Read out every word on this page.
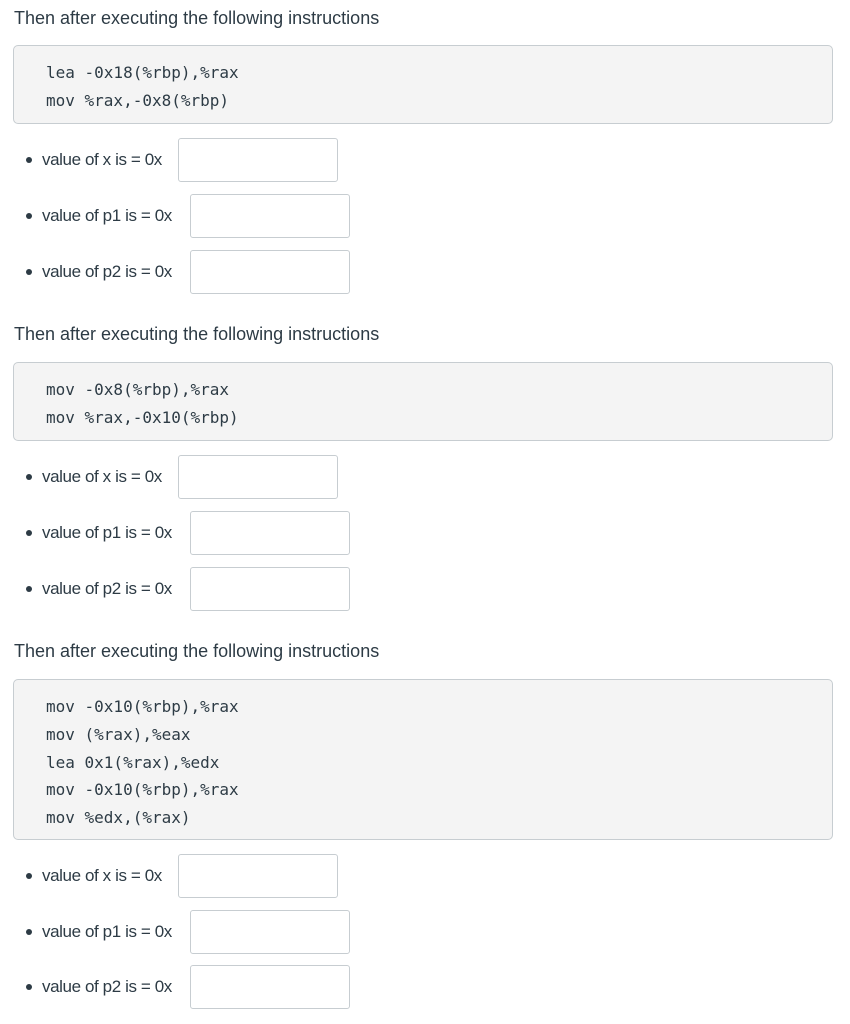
Then after executing the following instructions
lea -0x18(%rbp),%rax
mov %rax,-0x8(%rbp)
value of x is = 0x
value of p1 is = 0x
value of p2 is = 0x
Then after executing the following instructions
mov -0x8(%rbp),%rax
mov %rax,-0x10(%rbp)
value of x is = 0x
value of p1 is = 0x
value of p2 is = 0x
Then after executing the following instructions
mov -0x10(%rbp),%rax
mov (%rax),%eax
lea 0x1(%rax),%edx
mov -0x10(%rbp),%rax
mov %edx,(%rax)
value of x is = 0x
value of p1 is = 0x
value of p2 is = 0x
